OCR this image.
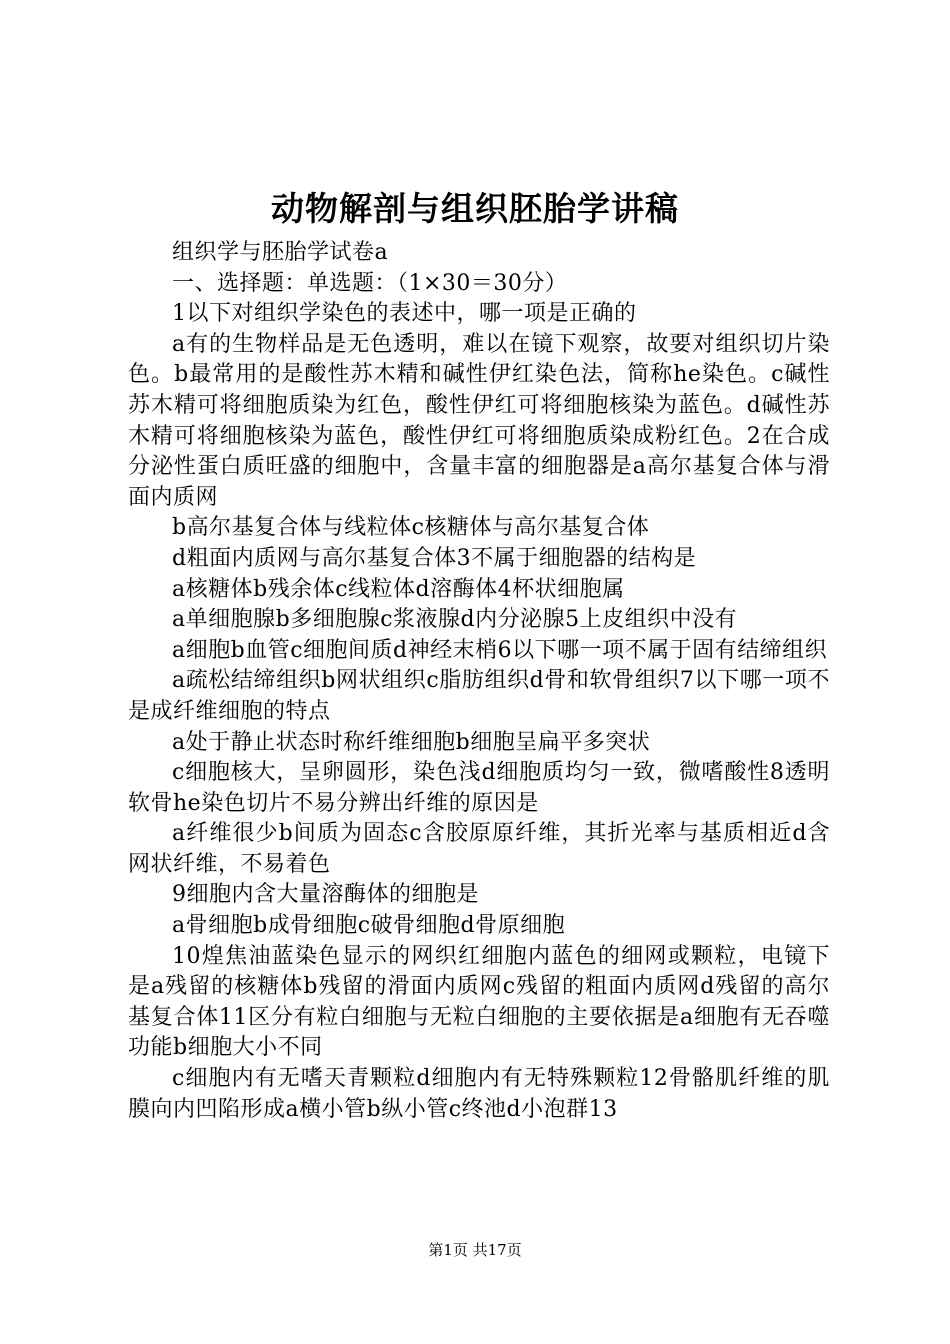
动物解剖与组织胚胎学讲稿

组织学与胚胎学试卷a

一、选择题：单选题：（1×30＝30分）

1以下对组织学染色的表述中，哪一项是正确的

a有的生物样品是无色透明，难以在镜下观察，故要对组织切片染色。b最常用的是酸性苏木精和碱性伊红染色法，简称he染色。c碱性苏木精可将细胞质染为红色，酸性伊红可将细胞核染为蓝色。d碱性苏木精可将细胞核染为蓝色，酸性伊红可将细胞质染成粉红色。2在合成分泌性蛋白质旺盛的细胞中，含量丰富的细胞器是a高尔基复合体与滑面内质网

b高尔基复合体与线粒体c核糖体与高尔基复合体

d粗面内质网与高尔基复合体3不属于细胞器的结构是

a核糖体b残余体c线粒体d溶酶体4杯状细胞属

a单细胞腺b多细胞腺c浆液腺d内分泌腺5上皮组织中没有

a细胞b血管c细胞间质d神经末梢6以下哪一项不属于固有结缔组织

a疏松结缔组织b网状组织c脂肪组织d骨和软骨组织7以下哪一项不是成纤维细胞的特点

a处于静止状态时称纤维细胞b细胞呈扁平多突状

c细胞核大，呈卵圆形，染色浅d细胞质均匀一致，微嗜酸性8透明软骨he染色切片不易分辨出纤维的原因是

a纤维很少b间质为固态c含胶原原纤维，其折光率与基质相近d含网状纤维，不易着色

9细胞内含大量溶酶体的细胞是

a骨细胞b成骨细胞c破骨细胞d骨原细胞

10煌焦油蓝染色显示的网织红细胞内蓝色的细网或颗粒，电镜下是a残留的核糖体b残留的滑面内质网c残留的粗面内质网d残留的高尔基复合体11区分有粒白细胞与无粒白细胞的主要依据是a细胞有无吞噬功能b细胞大小不同

c细胞内有无嗜天青颗粒d细胞内有无特殊颗粒12骨骼肌纤维的肌膜向内凹陷形成a横小管b纵小管c终池d小泡群13

第1页 共17页
